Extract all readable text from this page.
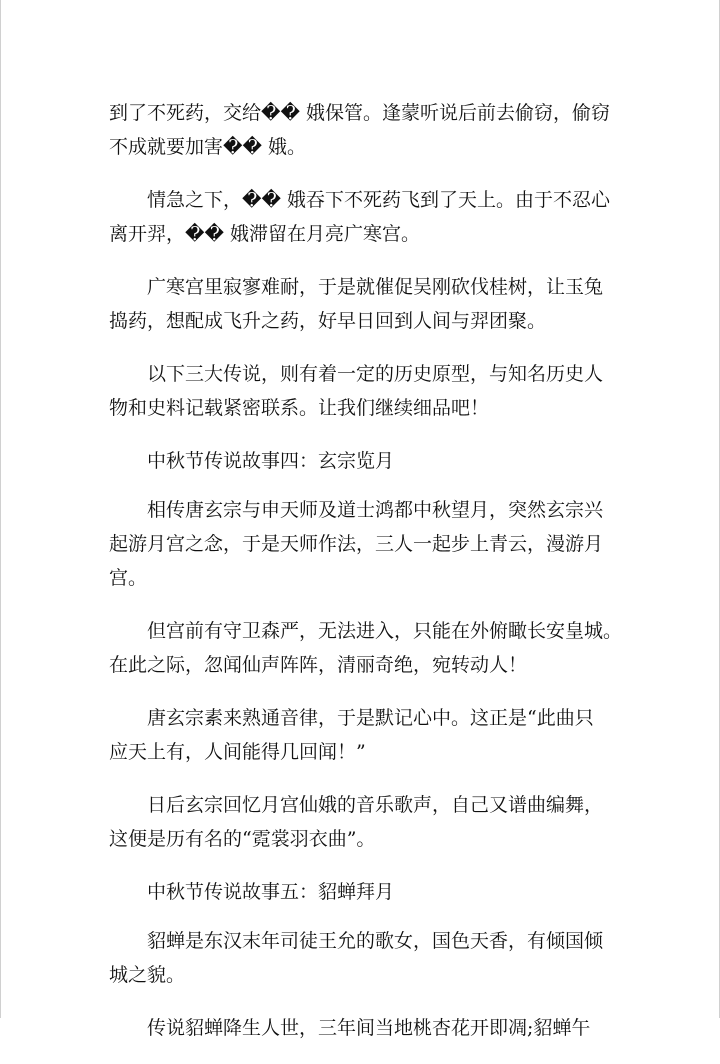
到了不死药，交给�� 娥保管。逢蒙听说后前去偷窃，偷窃
不成就要加害�� 娥。
情急之下，�� 娥吞下不死药飞到了天上。由于不忍心
离开羿，�� 娥滞留在月亮广寒宫。
广寒宫里寂寥难耐，于是就催促吴刚砍伐桂树，让玉兔
捣药，想配成飞升之药，好早日回到人间与羿团聚。
以下三大传说，则有着一定的历史原型，与知名历史人
物和史料记载紧密联系。让我们继续细品吧！
中秋节传说故事四：玄宗览月
相传唐玄宗与申天师及道士鸿都中秋望月，突然玄宗兴
起游月宫之念，于是天师作法，三人一起步上青云，漫游月
宫。
但宫前有守卫森严，无法进入，只能在外俯瞰长安皇城。
在此之际，忽闻仙声阵阵，清丽奇绝，宛转动人！
唐玄宗素来熟通音律，于是默记心中。这正是“此曲只
应天上有，人间能得几回闻！”
日后玄宗回忆月宫仙娥的音乐歌声，自己又谱曲编舞，
这便是历有名的“霓裳羽衣曲”。
中秋节传说故事五：貂蝉拜月
貂蝉是东汉末年司徒王允的歌女，国色天香，有倾国倾
城之貌。
传说貂蝉降生人世，三年间当地桃杏花开即凋;貂蝉午
